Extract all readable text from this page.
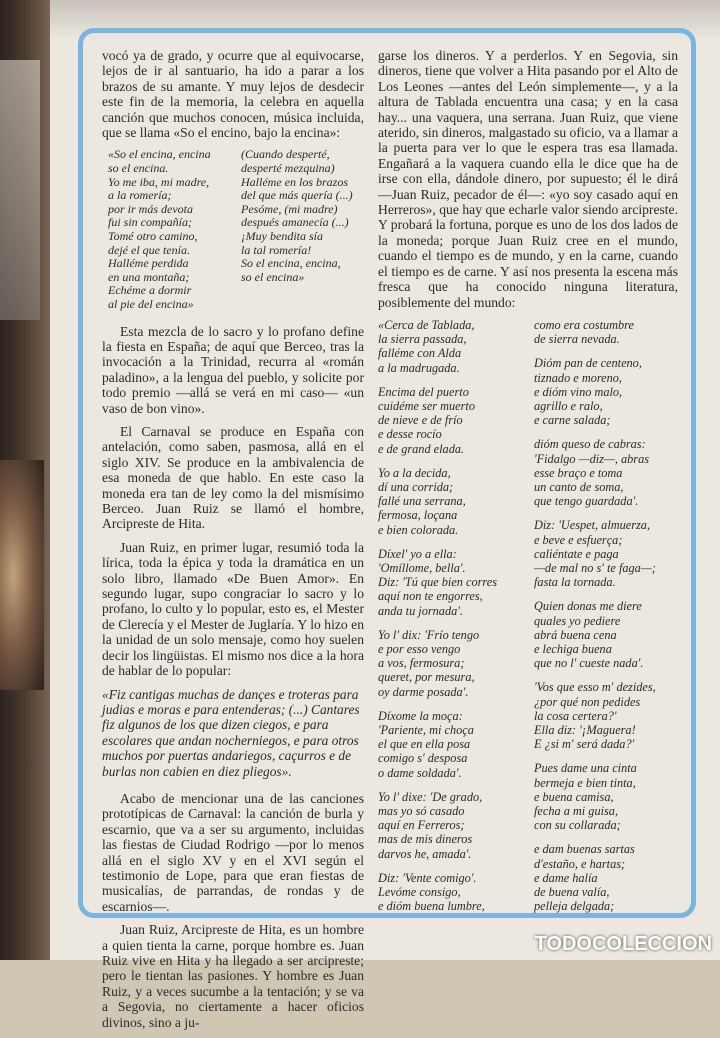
vocó ya de grado, y ocurre que al equivocarse, lejos de ir al santuario, ha ido a parar a los brazos de su amante. Y muy lejos de desdecir este fin de la memoria, la celebra en aquella canción que muchos conocen, música incluida, que se llama «So el encino, bajo la encina»:

«So el encina, encina
so el encina.
Yo me iba, mi madre,
a la romería;
por ir más devota
fui sin compañía;
Tomé otro camino,
dejé el que tenía.
Halléme perdida
en una montaña;
Echéme a dormir
al pie del encina»
(Cuando desperté,
desperté mezquina)
Halléme en los brazos
del que más quería (...)
Pesóme, (mi madre)
después amanecía (...)
¡Muy bendita sía
la tal romería!
So el encina, encina,
so el encina»

Esta mezcla de lo sacro y lo profano define la fiesta en España; de aquí que Berceo, tras la invocación a la Trinidad, recurra al «román paladino», a la lengua del pueblo, y solicite por todo premio —allá se verá en mi caso— «un vaso de bon vino».

El Carnaval se produce en España con antelación, como saben, pasmosa, allá en el siglo XIV. Se produce en la ambivalencia de esa moneda de que hablo. En este caso la moneda era tan de ley como la del mismísimo Berceo. Juan Ruiz se llamó el hombre, Arcipreste de Hita.

Juan Ruiz, en primer lugar, resumió toda la lírica, toda la épica y toda la dramática en un solo libro, llamado «De Buen Amor». En segundo lugar, supo congraciar lo sacro y lo profano, lo culto y lo popular, esto es, el Mester de Clerecía y el Mester de Juglaría. Y lo hizo en la unidad de un solo mensaje, como hoy suelen decir los lingüistas. El mismo nos dice a la hora de hablar de lo popular:

«Fiz cantigas muchas de dançes e troteras para judias e moras e para entenderas; (...) Cantares fiz algunos de los que dizen ciegos, e para escolares que andan nocherniegos, e para otros muchos por puertas andariegos, caçurros e de burlas non cabien en diez pliegos».

Acabo de mencionar una de las canciones prototípicas de Carnaval: la canción de burla y escarnio, que va a ser su argumento, incluidas las fiestas de Ciudad Rodrigo —por lo menos allá en el siglo XV y en el XVI según el testimonio de Lope, para que eran fiestas de musicalías, de parrandas, de rondas y de escarnios—.

Juan Ruiz, Arcipreste de Hita, es un hombre a quien tienta la carne, porque hombre es. Juan Ruiz vive en Hita y ha llegado a ser arcipreste; pero le tientan las pasiones. Y hombre es Juan Ruiz, y a veces sucumbe a la tentación; y se va a Segovia, no ciertamente a hacer oficios divinos, sino a ju-

garse los dineros. Y a perderlos. Y en Segovia, sin dineros, tiene que volver a Hita pasando por el Alto de Los Leones —antes del León simplemente—, y a la altura de Tablada encuentra una casa; y en la casa hay... una vaquera, una serrana. Juan Ruiz, que viene aterido, sin dineros, malgastado su oficio, va a llamar a la puerta para ver lo que le espera tras esa llamada. Engañará a la vaquera cuando ella le dice que ha de irse con ella, dándole dinero, por supuesto; él le dirá —Juan Ruiz, pecador de él—: «yo soy casado aquí en Herreros», que hay que echarle valor siendo arcipreste. Y probará la fortuna, porque es uno de los dos lados de la moneda; porque Juan Ruiz cree en el mundo, cuando el tiempo es de mundo, y en la carne, cuando el tiempo es de carne. Y así nos presenta la escena más fresca que ha conocido ninguna literatura, posiblemente del mundo:

«Cerca de Tablada,
la sierra passada,
falléme con Alda
a la madrugada.
Encima del puerto
cuidéme ser muerto
de nieve e de frío
e desse rocío
e de grand elada.
Yo a la decida,
dí una corrida;
fallé una serrana,
fermosa, loçana
e bien colorada.
Díxel' yo a ella:
'Omíllome, bella'.
Diz: 'Tú que bien corres
aquí non te engorres,
anda tu jornada'.
Yo l' dix: 'Frío tengo
e por esso vengo
a vos, fermosura;
queret, por mesura,
oy darme posada'.
Díxome la moça:
'Pariente, mi choça
el que en ella posa
comigo s' desposa
o dame soldada'.
Yo l' dixe: 'De grado,
mas yo só casado
aquí en Ferreros;
mas de mis dineros
darvos he, amada'.
Diz: 'Vente comigo'.
Levóme consigo,
e dióm buena lumbre,
como era costumbre
de sierra nevada.
Dióm pan de centeno,
tiznado e moreno,
e dióm vino malo,
agrillo e ralo,
e carne salada;
dióm queso de cabras:
'Fidalgo —diz—, abras
esse braço e toma
un canto de soma,
que tengo guardada'.
Diz: 'Uespet, almuerza,
e beve e esfuerça;
caliéntate e paga
—de mal no s' te faga—;
fasta la tornada.
Quien donas me diere
quales yo pediere
abrá buena cena
e lechiga buena
que no l' cueste nada'.
'Vos que esso m' dezides,
¿por qué non pedides
la cosa certera?'
Ella diz: '¡Maguera!
E ¿si m' será dada?'
Pues dame una cinta
bermeja e bien tinta,
e buena camisa,
fecha a mi guisa,
con su collarada;
e dam buenas sartas
d'estaño, e hartas;
e dame halía
de buena valía,
pelleja delgada;
TODOCOLECCION
